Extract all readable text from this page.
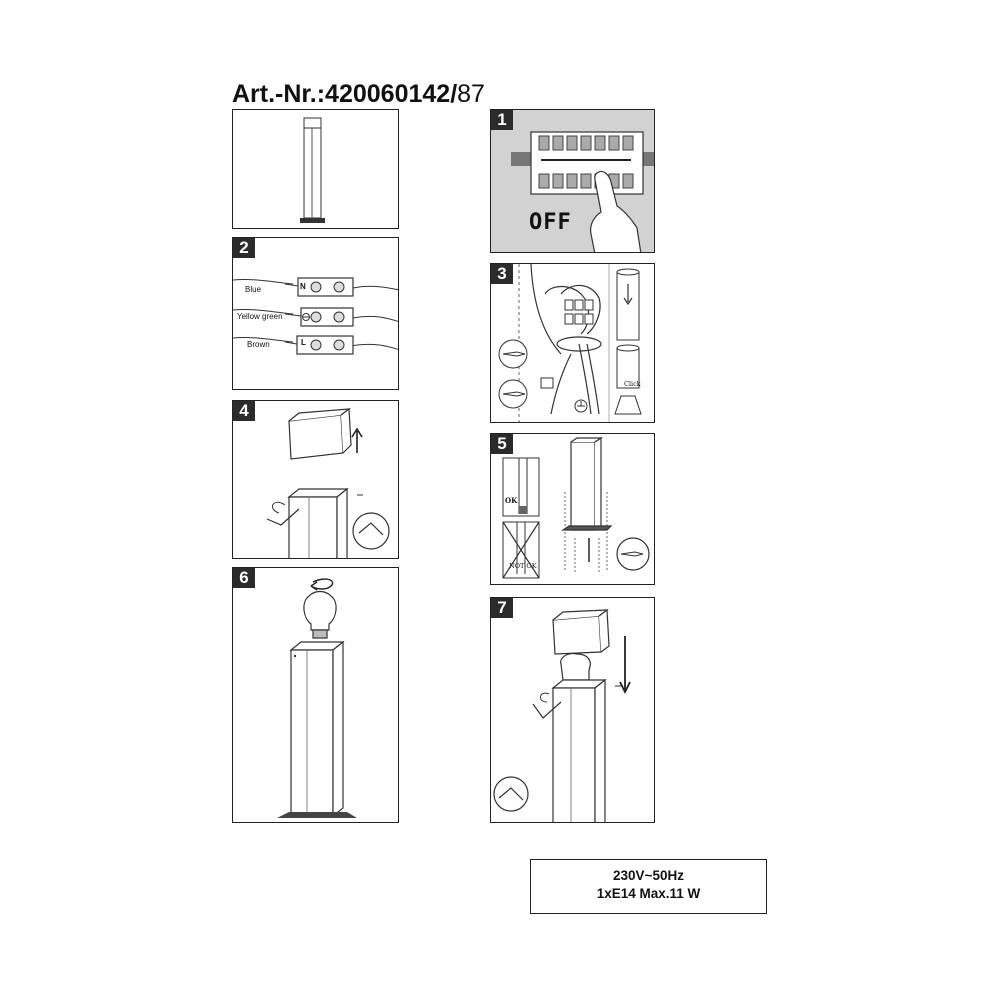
Art.-Nr.:420060142/87
1
OFF
2
N
L
Blue
Yellow green
Brown
3
Click
4
5
OK
NOT OK
6
7
230V~50Hz
1xE14 Max.11 W
